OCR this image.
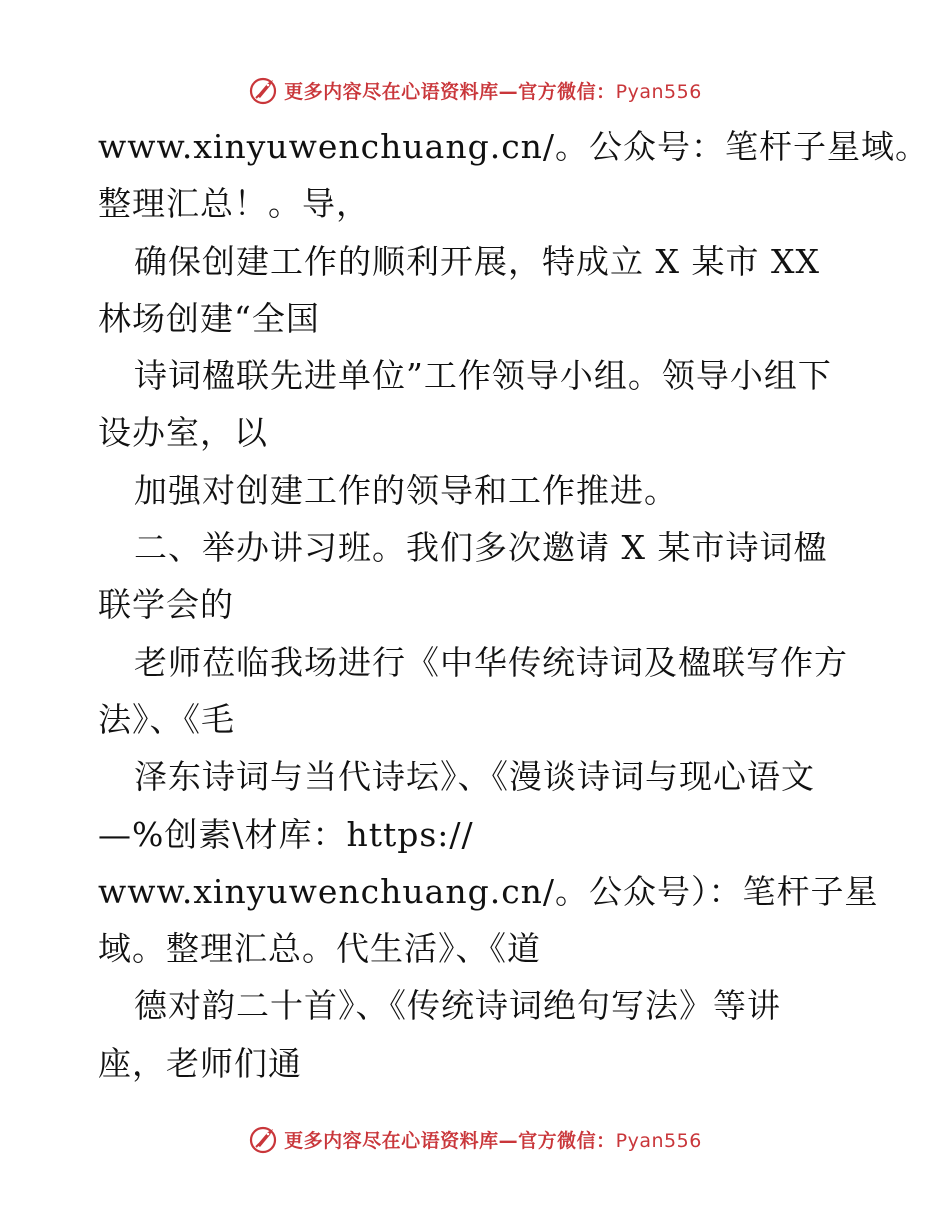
更多内容尽在心语资料库—官方微信：Pyan556
www.xinyuwenchuang.cn/。公众号：笔杆子星域。
整理汇总！。导，
确保创建工作的顺利开展，特成立 X 某市 XX
林场创建“全国
诗词楹联先进单位”工作领导小组。领导小组下
设办室，以
加强对创建工作的领导和工作推进。
二、举办讲习班。我们多次邀请 X 某市诗词楹
联学会的
老师莅临我场进行《中华传统诗词及楹联写作方
法》、《毛
泽东诗词与当代诗坛》、《漫谈诗词与现心语文
—%创素\材库：https://
www.xinyuwenchuang.cn/。公众号）：笔杆子星
域。整理汇总。代生活》、《道
德对韵二十首》、《传统诗词绝句写法》等讲
座，老师们通
更多内容尽在心语资料库—官方微信：Pyan556
